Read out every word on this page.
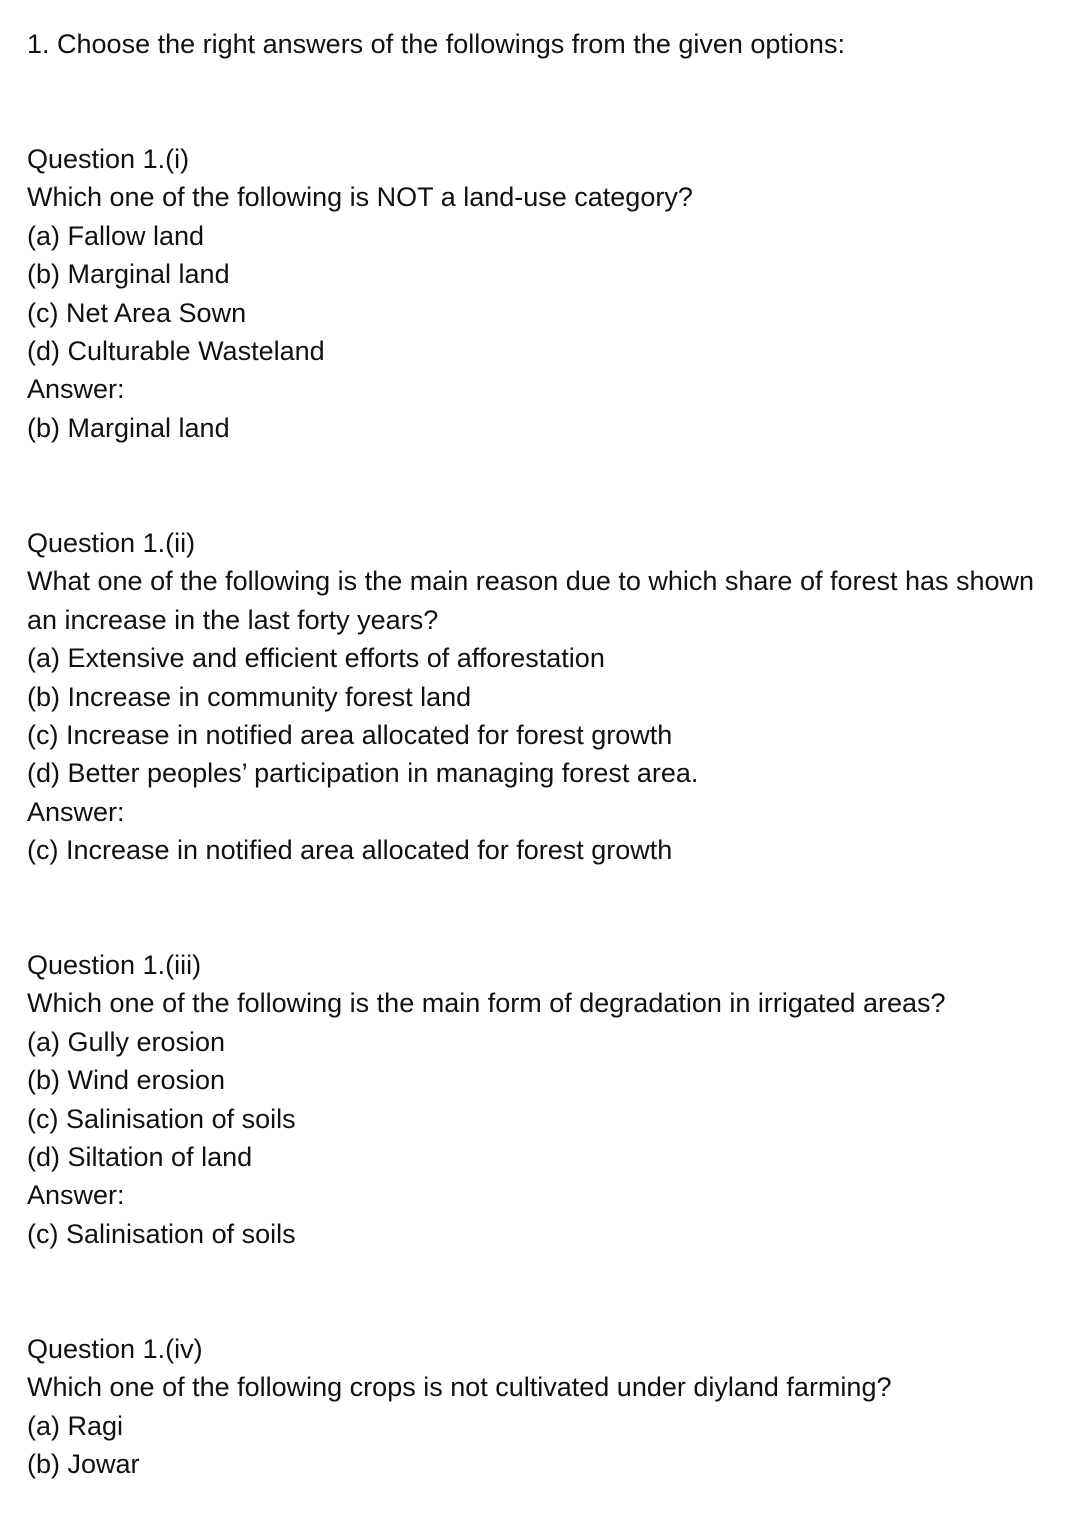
1. Choose the right answers of the followings from the given options:

Question 1.(i)

Which one of the following is NOT a land-use category?

(a) Fallow land

(b) Marginal land

(c) Net Area Sown

(d) Culturable Wasteland

Answer:

(b) Marginal land

Question 1.(ii)

What one of the following is the main reason due to which share of forest has shown an increase in the last forty years?

(a) Extensive and efficient efforts of afforestation

(b) Increase in community forest land

(c) Increase in notified area allocated for forest growth

(d) Better peoples’ participation in managing forest area.

Answer:

(c) Increase in notified area allocated for forest growth

Question 1.(iii)

Which one of the following is the main form of degradation in irrigated areas?

(a) Gully erosion

(b) Wind erosion

(c) Salinisation of soils

(d) Siltation of land

Answer:

(c) Salinisation of soils

Question 1.(iv)

Which one of the following crops is not cultivated under diyland farming?

(a) Ragi

(b) Jowar
